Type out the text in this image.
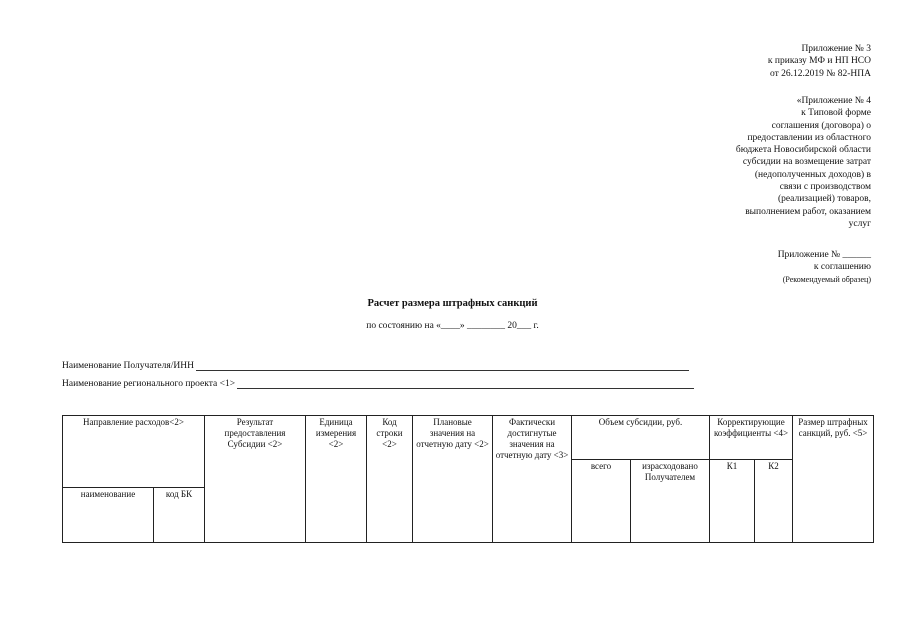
Приложение № 3
к приказу МФ и НП НСО
от 26.12.2019 № 82-НПА
«Приложение № 4
к Типовой форме
соглашения (договора) о
предоставлении из областного
бюджета Новосибирской области
субсидии на возмещение затрат
(недополученных доходов) в
связи с производством
(реализацией) товаров,
выполнением работ, оказанием
услуг
Приложение № ______
к соглашению
(Рекомендуемый образец)
Расчет размера штрафных санкций
по состоянию на «____» ________ 20___ г.
Наименование Получателя/ИНН
Наименование регионального проекта <1>
Направление расходов<2>		Результат предоставления Субсидии <2>	Единица измерения <2>	Код строки <2>	Плановые значения на отчетную дату <2>	Фактически достигнутые значения на отчетную дату <3>	Объем субсидии, руб.		Корректирующие коэффициенты <4>		Размер штрафных санкций, руб. <5>
							всего	израсходовано Получателем	К1	К2	
наименование	код БК										
